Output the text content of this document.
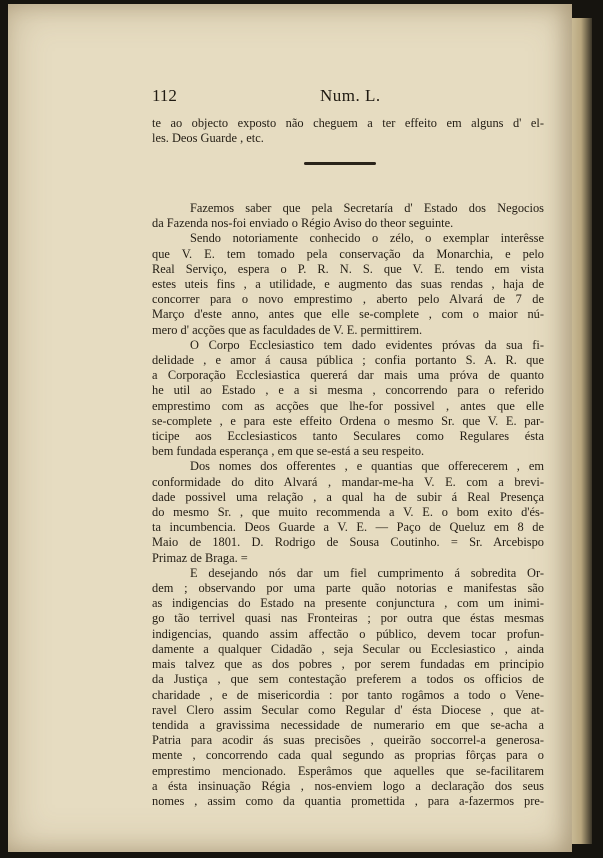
112	Num. L.
te ao objecto exposto não cheguem a ter effeito em alguns d' el-
les. Deos Guarde , etc.
Fazemos saber que pela Secretaría d' Estado dos Negocios
da Fazenda nos-foi enviado o Régio Aviso do theor seguinte.
Sendo notoriamente conhecido o zélo, o exemplar interêsse
que V. E. tem tomado pela conservação da Monarchia, e pelo
Real Serviço, espera o P. R. N. S. que V. E. tendo em vista
estes uteis fins , a utilidade, e augmento das suas rendas , haja de
concorrer para o novo emprestimo , aberto pelo Alvará de 7 de
Março d'este anno, antes que elle se-complete , com o maior nú-
mero d' acções que as faculdades de V. E. permittirem.
O Corpo Ecclesiastico tem dado evidentes próvas da sua fi-
delidade , e amor á causa pública ; confia portanto S. A. R. que
a Corporação Ecclesiastica quererá dar mais uma próva de quanto
he util ao Estado , e a si mesma , concorrendo para o referido
emprestimo com as acções que lhe-for possivel , antes que elle
se-complete , e para este effeito Ordena o mesmo Sr. que V. E. par-
ticipe aos Ecclesiasticos tanto Seculares como Regulares ésta
bem fundada esperança , em que se-está a seu respeito.
Dos nomes dos offerentes , e quantias que offerecerem , em
conformidade do dito Alvará , mandar-me-ha V. E. com a brevi-
dade possivel uma relação , a qual ha de subir á Real Presença
do mesmo Sr. , que muito recommenda a V. E. o bom exito d'és-
ta incumbencia. Deos Guarde a V. E. — Paço de Queluz em 8 de
Maio de 1801. D. Rodrigo de Sousa Coutinho. = Sr. Arcebispo
Primaz de Braga. =
E desejando nós dar um fiel cumprimento á sobredita Or-
dem ; observando por uma parte quão notorias e manifestas são
as indigencias do Estado na presente conjunctura , com um inimi-
go tão terrivel quasi nas Fronteiras ; por outra que éstas mesmas
indigencias, quando assim affectão o público, devem tocar profun-
damente a qualquer Cidadão , seja Secular ou Ecclesiastico , ainda
mais talvez que as dos pobres , por serem fundadas em principio
da Justiça , que sem contestação preferem a todos os officios de
charidade , e de misericordia : por tanto rogâmos a todo o Vene-
ravel Clero assim Secular como Regular d' ésta Diocese , que at-
tendida a gravissima necessidade de numerario em que se-acha a
Patria para acodir ás suas precisões , queirão soccorrel-a generosa-
mente , concorrendo cada qual segundo as proprias fôrças para o
emprestimo mencionado. Esperâmos que aquelles que se-facilitarem
a ésta insinuação Régia , nos-enviem logo a declaração dos seus
nomes , assim como da quantia promettida , para a-fazermos pre-
